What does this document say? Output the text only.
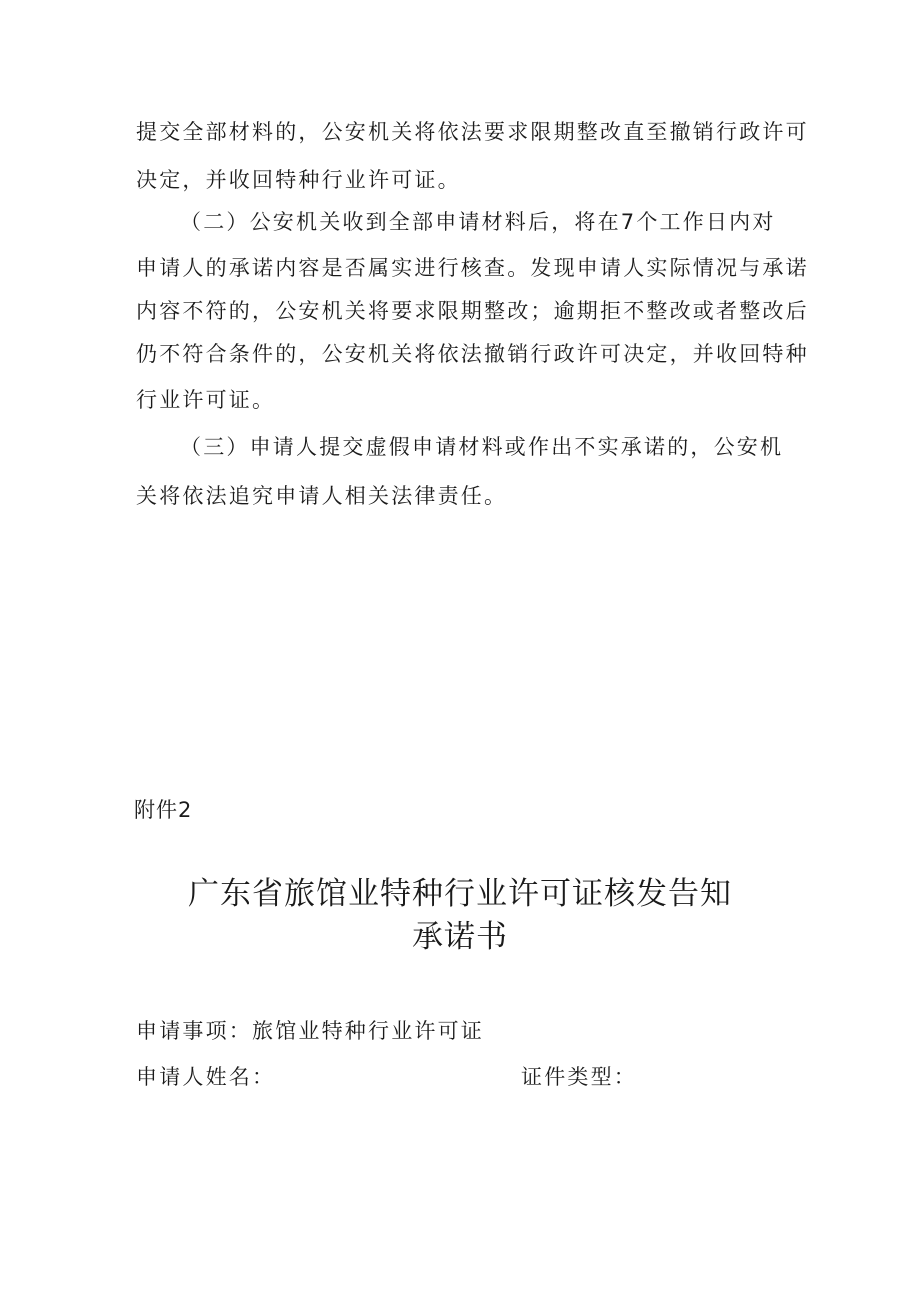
提交全部材料的，公安机关将依法要求限期整改直至撤销行政许可
决定，并收回特种行业许可证。
（二）公安机关收到全部申请材料后，将在7个工作日内对
申请人的承诺内容是否属实进行核查。发现申请人实际情况与承诺
内容不符的，公安机关将要求限期整改；逾期拒不整改或者整改后
仍不符合条件的，公安机关将依法撤销行政许可决定，并收回特种
行业许可证。
（三）申请人提交虚假申请材料或作出不实承诺的，公安机
关将依法追究申请人相关法律责任。
附件2
广东省旅馆业特种行业许可证核发告知
承诺书
申请事项：旅馆业特种行业许可证
申请人姓名：	证件类型：
